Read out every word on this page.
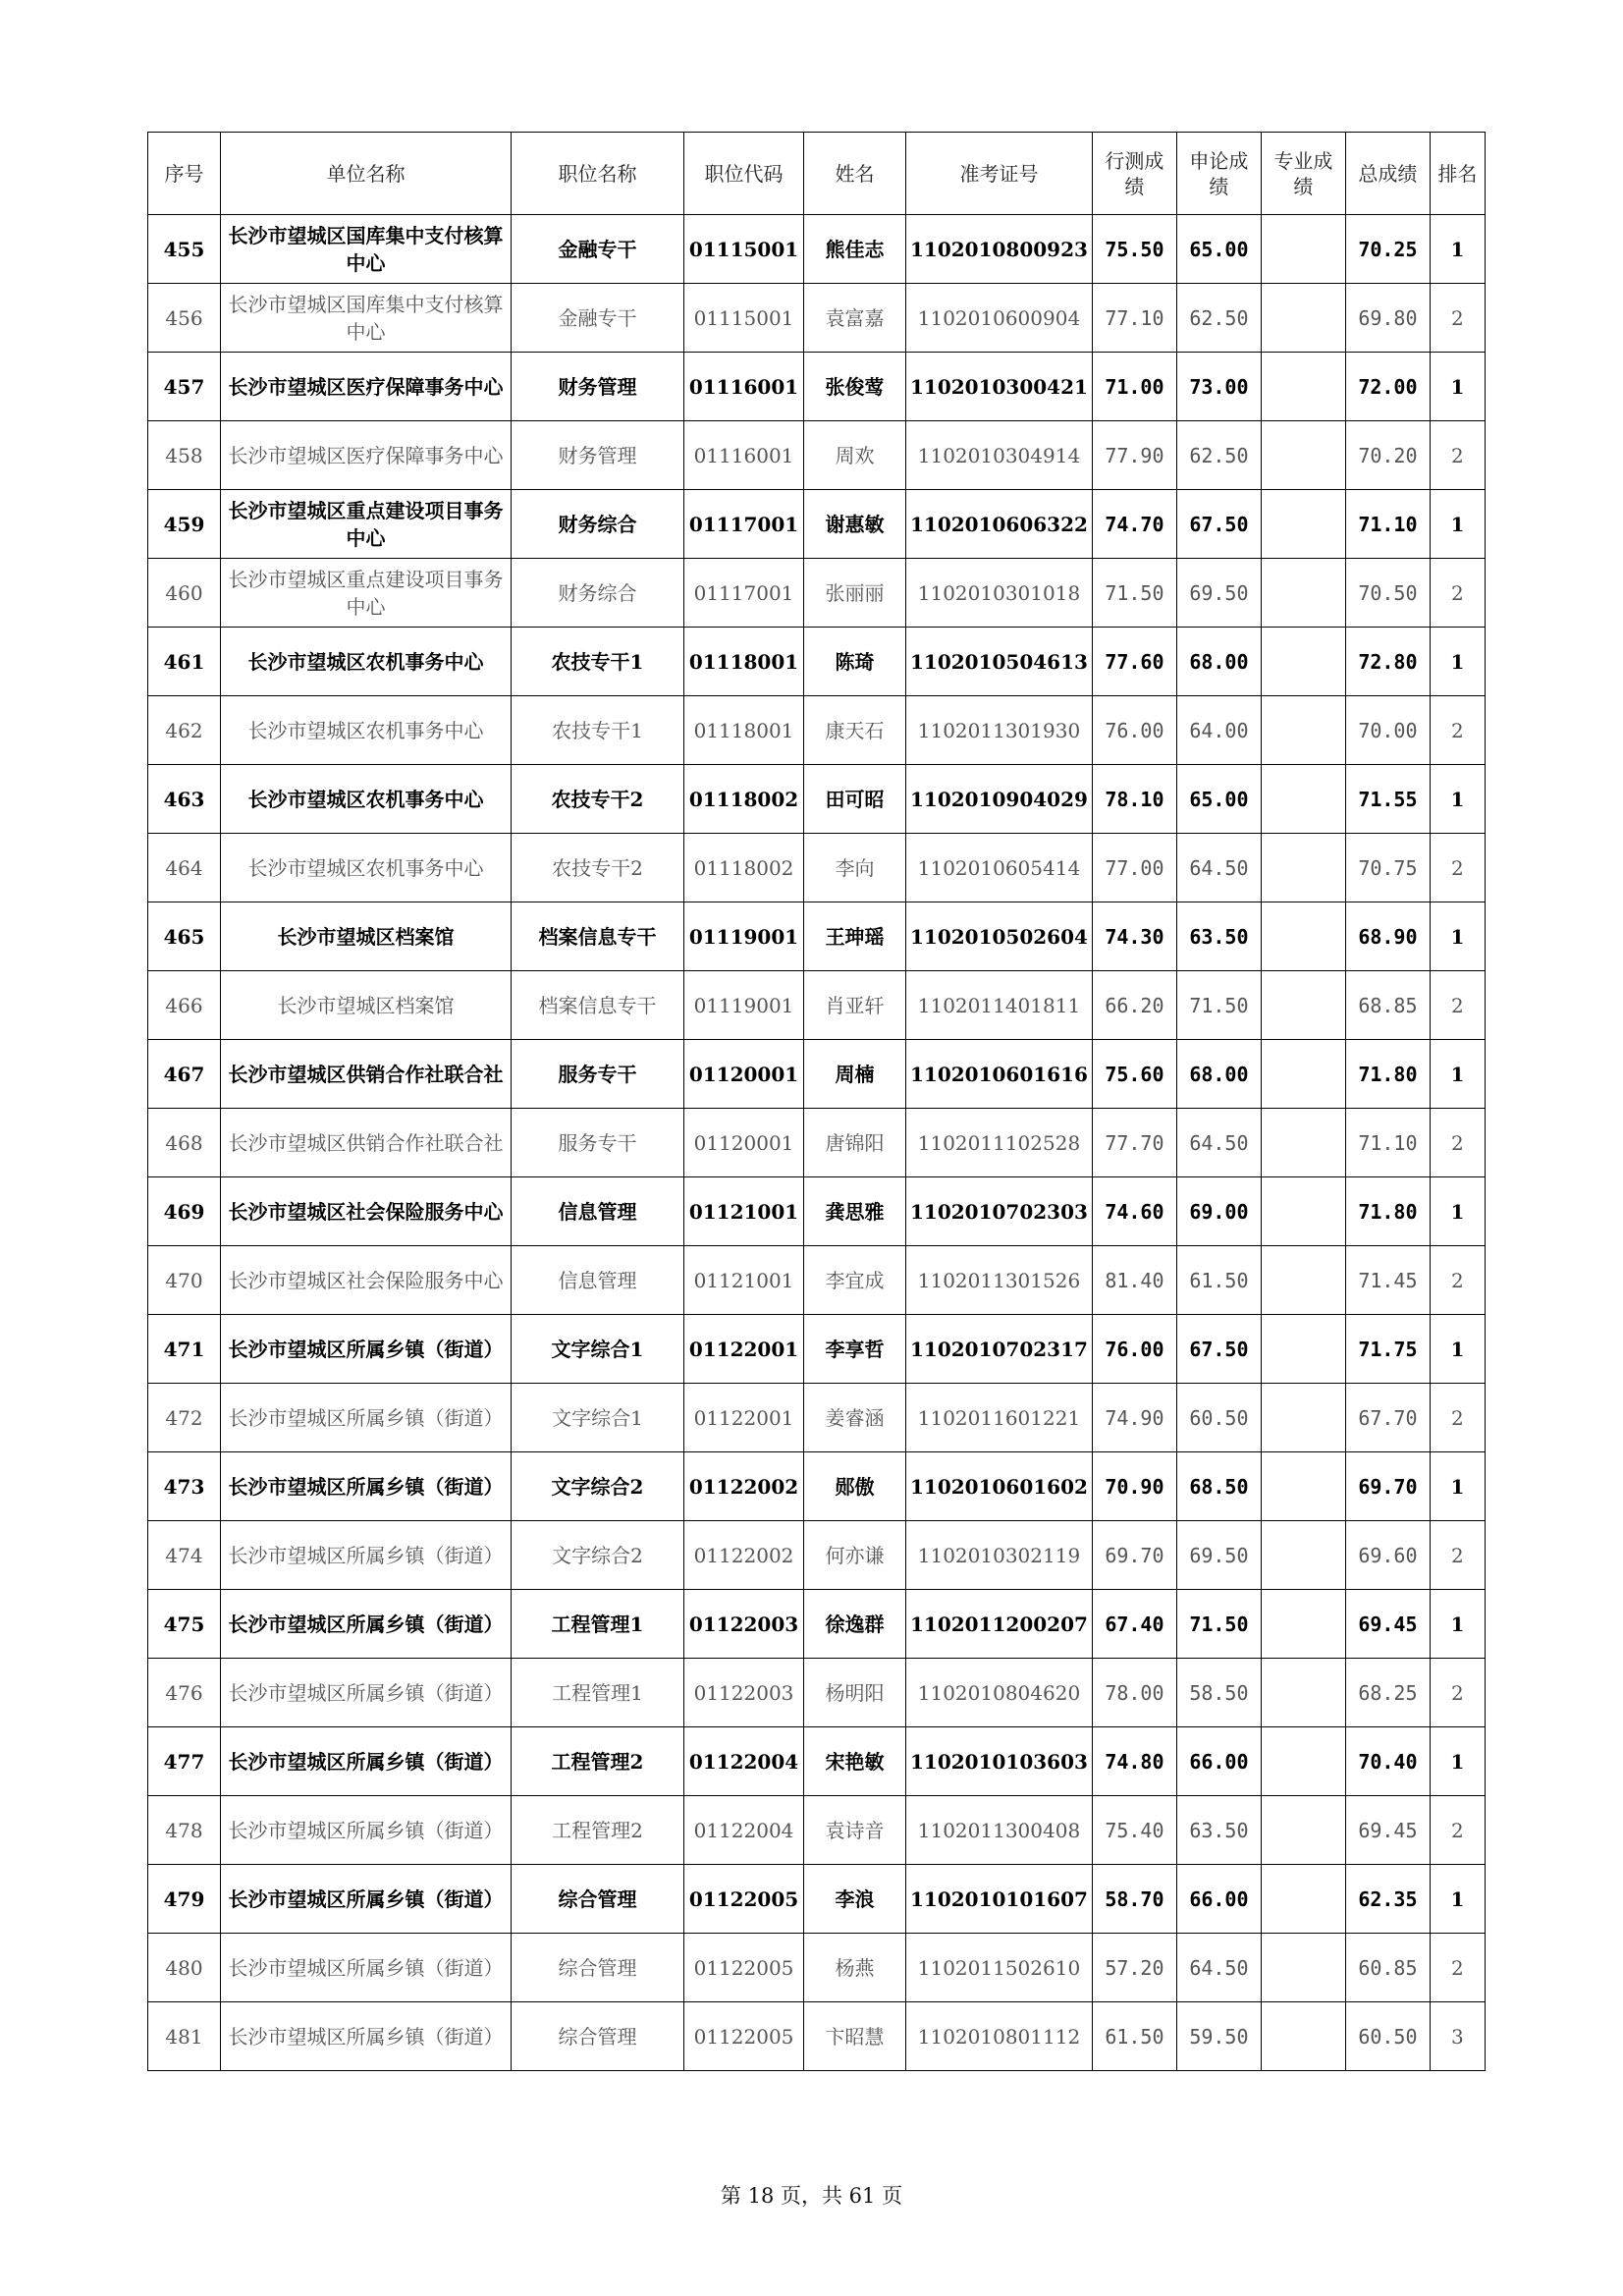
序号	单位名称	职位名称	职位代码	姓名	准考证号	行测成绩	申论成绩	专业成绩	总成绩	排名
455	长沙市望城区国库集中支付核算中心	金融专干	01115001	熊佳志	1102010800923	75.50	65.00		70.25	1
456	长沙市望城区国库集中支付核算中心	金融专干	01115001	袁富嘉	1102010600904	77.10	62.50		69.80	2
457	长沙市望城区医疗保障事务中心	财务管理	01116001	张俊莺	1102010300421	71.00	73.00		72.00	1
458	长沙市望城区医疗保障事务中心	财务管理	01116001	周欢	1102010304914	77.90	62.50		70.20	2
459	长沙市望城区重点建设项目事务中心	财务综合	01117001	谢惠敏	1102010606322	74.70	67.50		71.10	1
460	长沙市望城区重点建设项目事务中心	财务综合	01117001	张丽丽	1102010301018	71.50	69.50		70.50	2
461	长沙市望城区农机事务中心	农技专干1	01118001	陈琦	1102010504613	77.60	68.00		72.80	1
462	长沙市望城区农机事务中心	农技专干1	01118001	康天石	1102011301930	76.00	64.00		70.00	2
463	长沙市望城区农机事务中心	农技专干2	01118002	田可昭	1102010904029	78.10	65.00		71.55	1
464	长沙市望城区农机事务中心	农技专干2	01118002	李向	1102010605414	77.00	64.50		70.75	2
465	长沙市望城区档案馆	档案信息专干	01119001	王珅瑶	1102010502604	74.30	63.50		68.90	1
466	长沙市望城区档案馆	档案信息专干	01119001	肖亚轩	1102011401811	66.20	71.50		68.85	2
467	长沙市望城区供销合作社联合社	服务专干	01120001	周楠	1102010601616	75.60	68.00		71.80	1
468	长沙市望城区供销合作社联合社	服务专干	01120001	唐锦阳	1102011102528	77.70	64.50		71.10	2
469	长沙市望城区社会保险服务中心	信息管理	01121001	龚思雅	1102010702303	74.60	69.00		71.80	1
470	长沙市望城区社会保险服务中心	信息管理	01121001	李宜成	1102011301526	81.40	61.50		71.45	2
471	长沙市望城区所属乡镇（街道）	文字综合1	01122001	李享哲	1102010702317	76.00	67.50		71.75	1
472	长沙市望城区所属乡镇（街道）	文字综合1	01122001	姜睿涵	1102011601221	74.90	60.50		67.70	2
473	长沙市望城区所属乡镇（街道）	文字综合2	01122002	郧傲	1102010601602	70.90	68.50		69.70	1
474	长沙市望城区所属乡镇（街道）	文字综合2	01122002	何亦谦	1102010302119	69.70	69.50		69.60	2
475	长沙市望城区所属乡镇（街道）	工程管理1	01122003	徐逸群	1102011200207	67.40	71.50		69.45	1
476	长沙市望城区所属乡镇（街道）	工程管理1	01122003	杨明阳	1102010804620	78.00	58.50		68.25	2
477	长沙市望城区所属乡镇（街道）	工程管理2	01122004	宋艳敏	1102010103603	74.80	66.00		70.40	1
478	长沙市望城区所属乡镇（街道）	工程管理2	01122004	袁诗音	1102011300408	75.40	63.50		69.45	2
479	长沙市望城区所属乡镇（街道）	综合管理	01122005	李浪	1102010101607	58.70	66.00		62.35	1
480	长沙市望城区所属乡镇（街道）	综合管理	01122005	杨燕	1102011502610	57.20	64.50		60.85	2
481	长沙市望城区所属乡镇（街道）	综合管理	01122005	卞昭慧	1102010801112	61.50	59.50		60.50	3
第 18 页，共 61 页
